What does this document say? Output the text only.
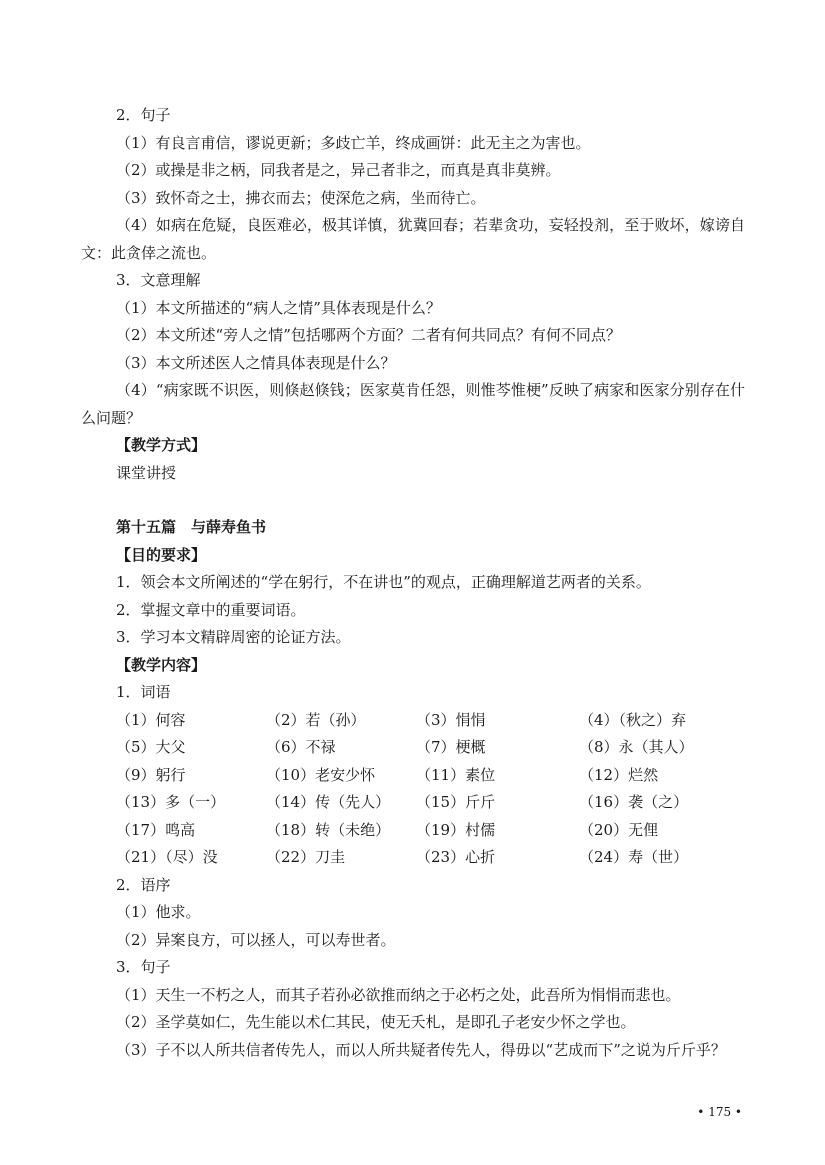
2．句子
（1）有良言甫信，谬说更新；多歧亡羊，终成画饼：此无主之为害也。
（2）或操是非之柄，同我者是之，异己者非之，而真是真非莫辨。
（3）致怀奇之士，拂衣而去；使深危之病，坐而待亡。
（4）如病在危疑，良医难必，极其详慎，犹冀回春；若辈贪功，妄轻投剂，至于败坏，嫁谤自文：此贪倖之流也。
3．文意理解
（1）本文所描述的“病人之情”具体表现是什么？
（2）本文所述“旁人之情”包括哪两个方面？二者有何共同点？有何不同点？
（3）本文所述医人之情具体表现是什么？
（4）“病家既不识医，则倏赵倏钱；医家莫肯任怨，则惟芩惟梗”反映了病家和医家分别存在什么问题？
【教学方式】
课堂讲授
第十五篇　与薛寿鱼书
【目的要求】
1．领会本文所阐述的“学在躬行，不在讲也”的观点，正确理解道艺两者的关系。
2．掌握文章中的重要词语。
3．学习本文精辟周密的论证方法。
【教学内容】
1．词语
（1）何容	（2）若（孙）	（3）悁悁	（4）（秋之）弃
（5）大父	（6）不禄	（7）梗概	（8）永（其人）
（9）躬行	（10）老安少怀	（11）素位	（12）烂然
（13）多（一）	（14）传（先人）	（15）斤斤	（16）袭（之）
（17）鸣高	（18）转（未绝）	（19）村儒	（20）无俚
（21）（尽）没	（22）刀圭	（23）心折	（24）寿（世）
2．语序
（1）他求。
（2）异案良方，可以拯人，可以寿世者。
3．句子
（1）天生一不朽之人，而其子若孙必欲推而纳之于必朽之处，此吾所为悁悁而悲也。
（2）圣学莫如仁，先生能以术仁其民，使无夭札，是即孔子老安少怀之学也。
（3）子不以人所共信者传先人，而以人所共疑者传先人，得毋以“艺成而下”之说为斤斤乎？
• 175 •
